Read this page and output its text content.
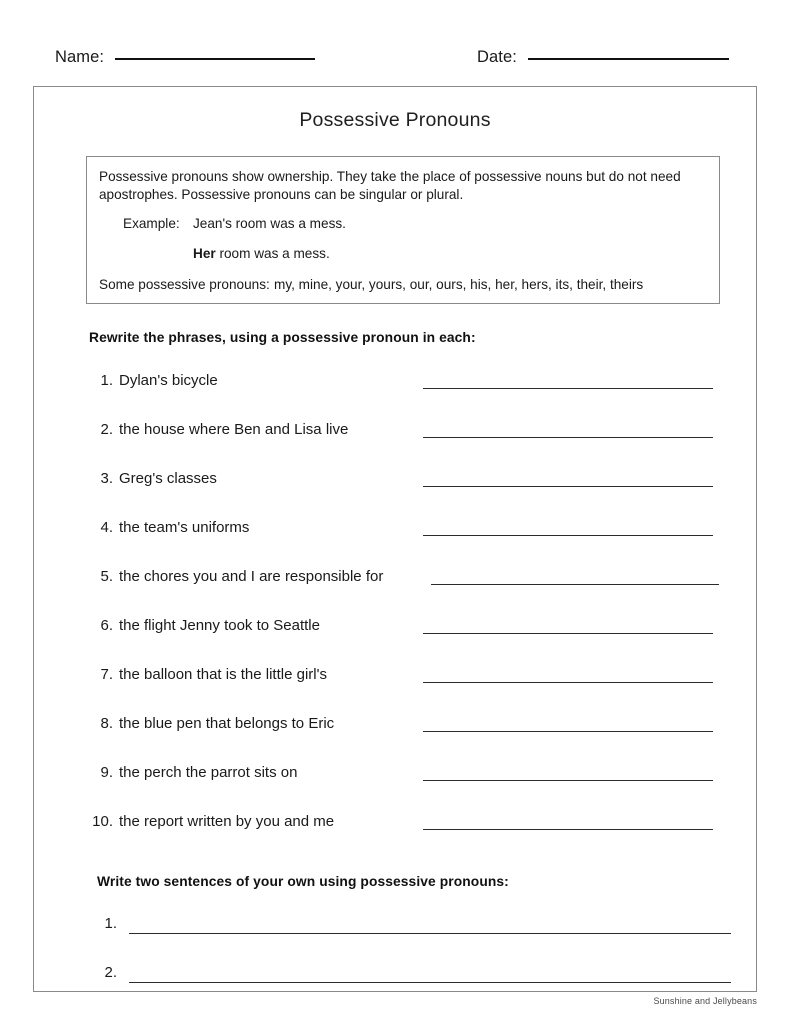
Name:	Date:
Possessive Pronouns

Possessive pronouns show ownership. They take the place of possessive nouns but do not need apostrophes. Possessive pronouns can be singular or plural.

Example: Jean's room was a mess.
Her room was a mess.
Some possessive pronouns: my, mine, your, yours, our, ours, his, her, hers, its, their, theirs
Rewrite the phrases, using a possessive pronoun in each:
1. Dylan's bicycle
2. the house where Ben and Lisa live
3. Greg's classes
4. the team's uniforms
5. the chores you and I are responsible for
6. the flight Jenny took to Seattle
7. the balloon that is the little girl's
8. the blue pen that belongs to Eric
9. the perch the parrot sits on
10. the report written by you and me
Write two sentences of your own using possessive pronouns:
1.
2.
Sunshine and Jellybeans
